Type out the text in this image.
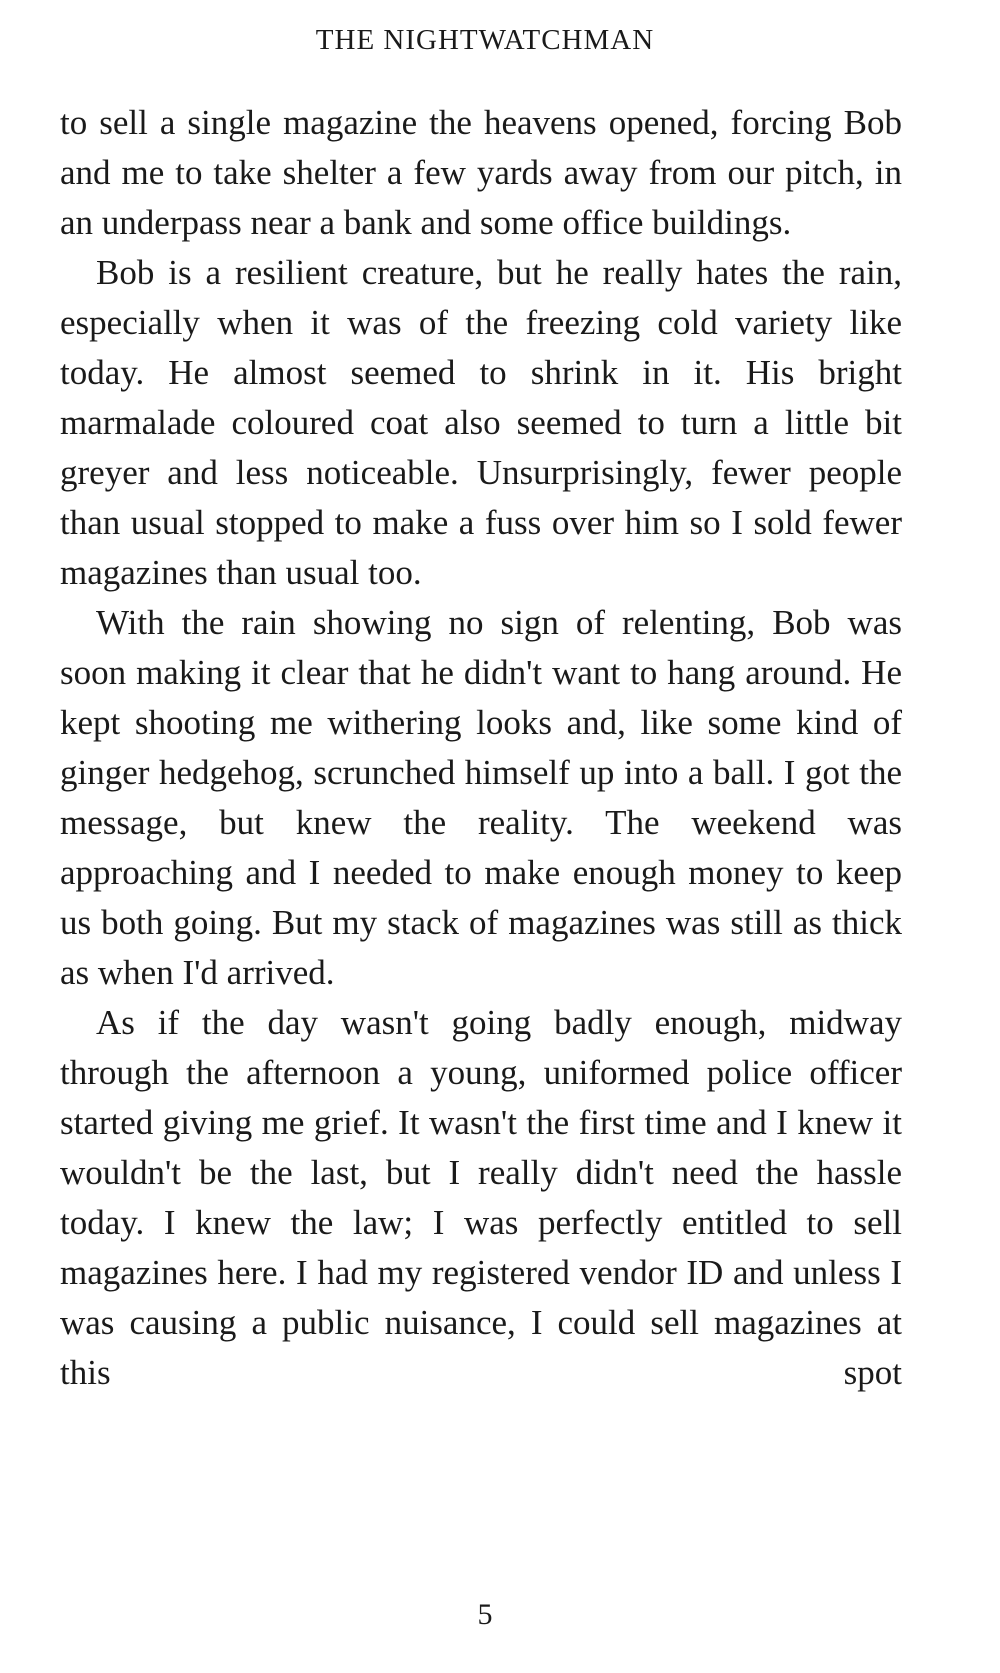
THE NIGHTWATCHMAN

to sell a single magazine the heavens opened, forcing Bob and me to take shelter a few yards away from our pitch, in an underpass near a bank and some office buildings.

Bob is a resilient creature, but he really hates the rain, especially when it was of the freezing cold variety like today. He almost seemed to shrink in it. His bright marmalade coloured coat also seemed to turn a little bit greyer and less noticeable. Unsurprisingly, fewer people than usual stopped to make a fuss over him so I sold fewer magazines than usual too.

With the rain showing no sign of relenting, Bob was soon making it clear that he didn't want to hang around. He kept shooting me withering looks and, like some kind of ginger hedgehog, scrunched himself up into a ball. I got the message, but knew the reality. The weekend was approaching and I needed to make enough money to keep us both going. But my stack of magazines was still as thick as when I'd arrived.

As if the day wasn't going badly enough, midway through the afternoon a young, uniformed police officer started giving me grief. It wasn't the first time and I knew it wouldn't be the last, but I really didn't need the hassle today. I knew the law; I was perfectly entitled to sell magazines here. I had my registered vendor ID and unless I was causing a public nuisance, I could sell magazines at this spot

5
